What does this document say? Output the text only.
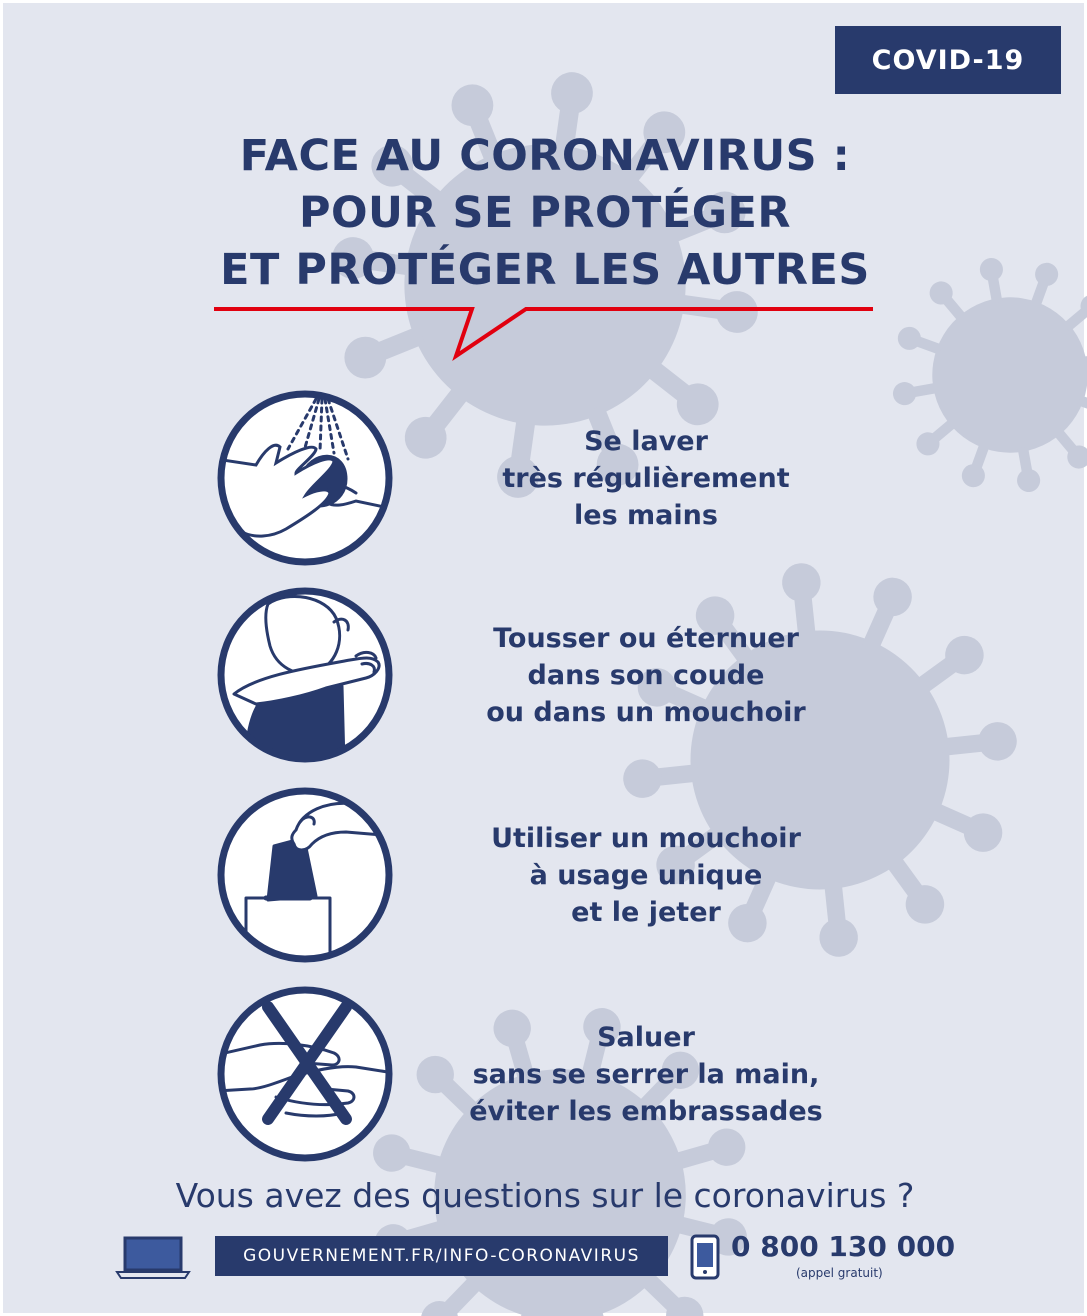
COVID-19
FACE AU CORONAVIRUS :
POUR SE PROTÉGER
ET PROTÉGER LES AUTRES
Se laver
très régulièrement
les mains
Tousser ou éternuer
dans son coude
ou dans un mouchoir
Utiliser un mouchoir
à usage unique
et le jeter
Saluer
sans se serrer la main,
éviter les embrassades
Vous avez des questions sur le coronavirus ?
GOUVERNEMENT.FR/INFO-CORONAVIRUS	0 800 130 000
(appel gratuit)
